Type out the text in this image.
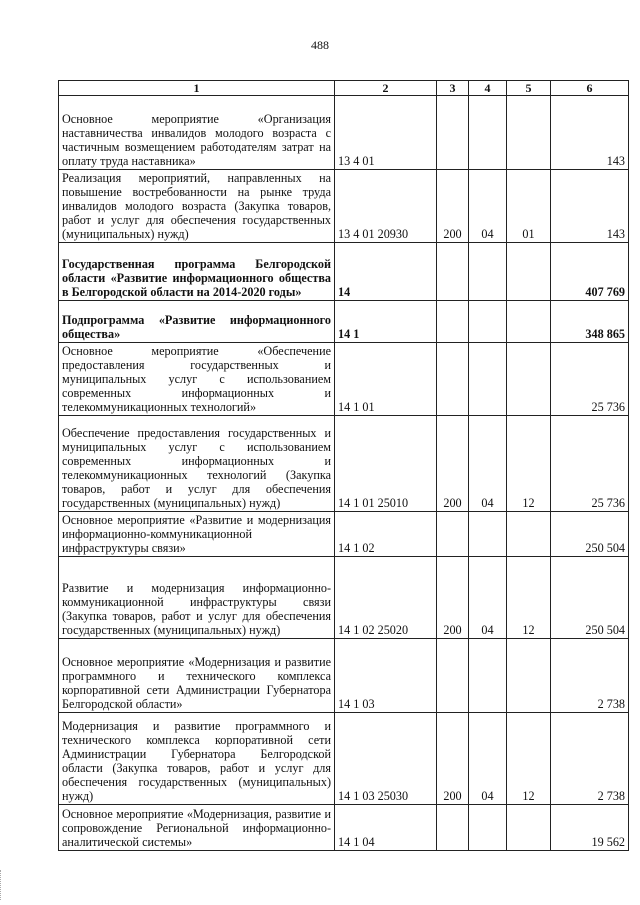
488
1	2	3	4	5	6
Основное мероприятие «Организация наставничества инвалидов молодого возраста с частичным возмещением работодателям затрат на оплату труда наставника»	13 4 01				143
Реализация мероприятий, направленных на повышение востребованности на рынке труда инвалидов молодого возраста (Закупка товаров, работ и услуг для обеспечения государственных (муниципальных) нужд)	13 4 01 20930	200	04	01	143
Государственная программа Белгородской области «Развитие информационного общества в Белгородской области на 2014-2020 годы»	14				407 769
Подпрограмма «Развитие информационного общества»	14 1				348 865
Основное мероприятие «Обеспечение предоставления государственных и муниципальных услуг с использованием современных информационных и телекоммуникационных технологий»	14 1 01				25 736
Обеспечение предоставления государственных и муниципальных услуг с использованием современных информационных и телекоммуникационных технологий (Закупка товаров, работ и услуг для обеспечения государственных (муниципальных) нужд)	14 1 01 25010	200	04	12	25 736
Основное мероприятие «Развитие и модернизация информационно-коммуникационной инфраструктуры связи»	14 1 02				250 504
Развитие и модернизация информационно-коммуникационной инфраструктуры связи (Закупка товаров, работ и услуг для обеспечения государственных (муниципальных) нужд)	14 1 02 25020	200	04	12	250 504
Основное мероприятие «Модернизация и развитие программного и технического комплекса корпоративной сети Администрации Губернатора Белгородской области»	14 1 03				2 738
Модернизация и развитие программного и технического комплекса корпоративной сети Администрации Губернатора Белгородской области (Закупка товаров, работ и услуг для обеспечения государственных (муниципальных) нужд)	14 1 03 25030	200	04	12	2 738
Основное мероприятие «Модернизация, развитие и сопровождение Региональной информационно-аналитической системы»	14 1 04				19 562
